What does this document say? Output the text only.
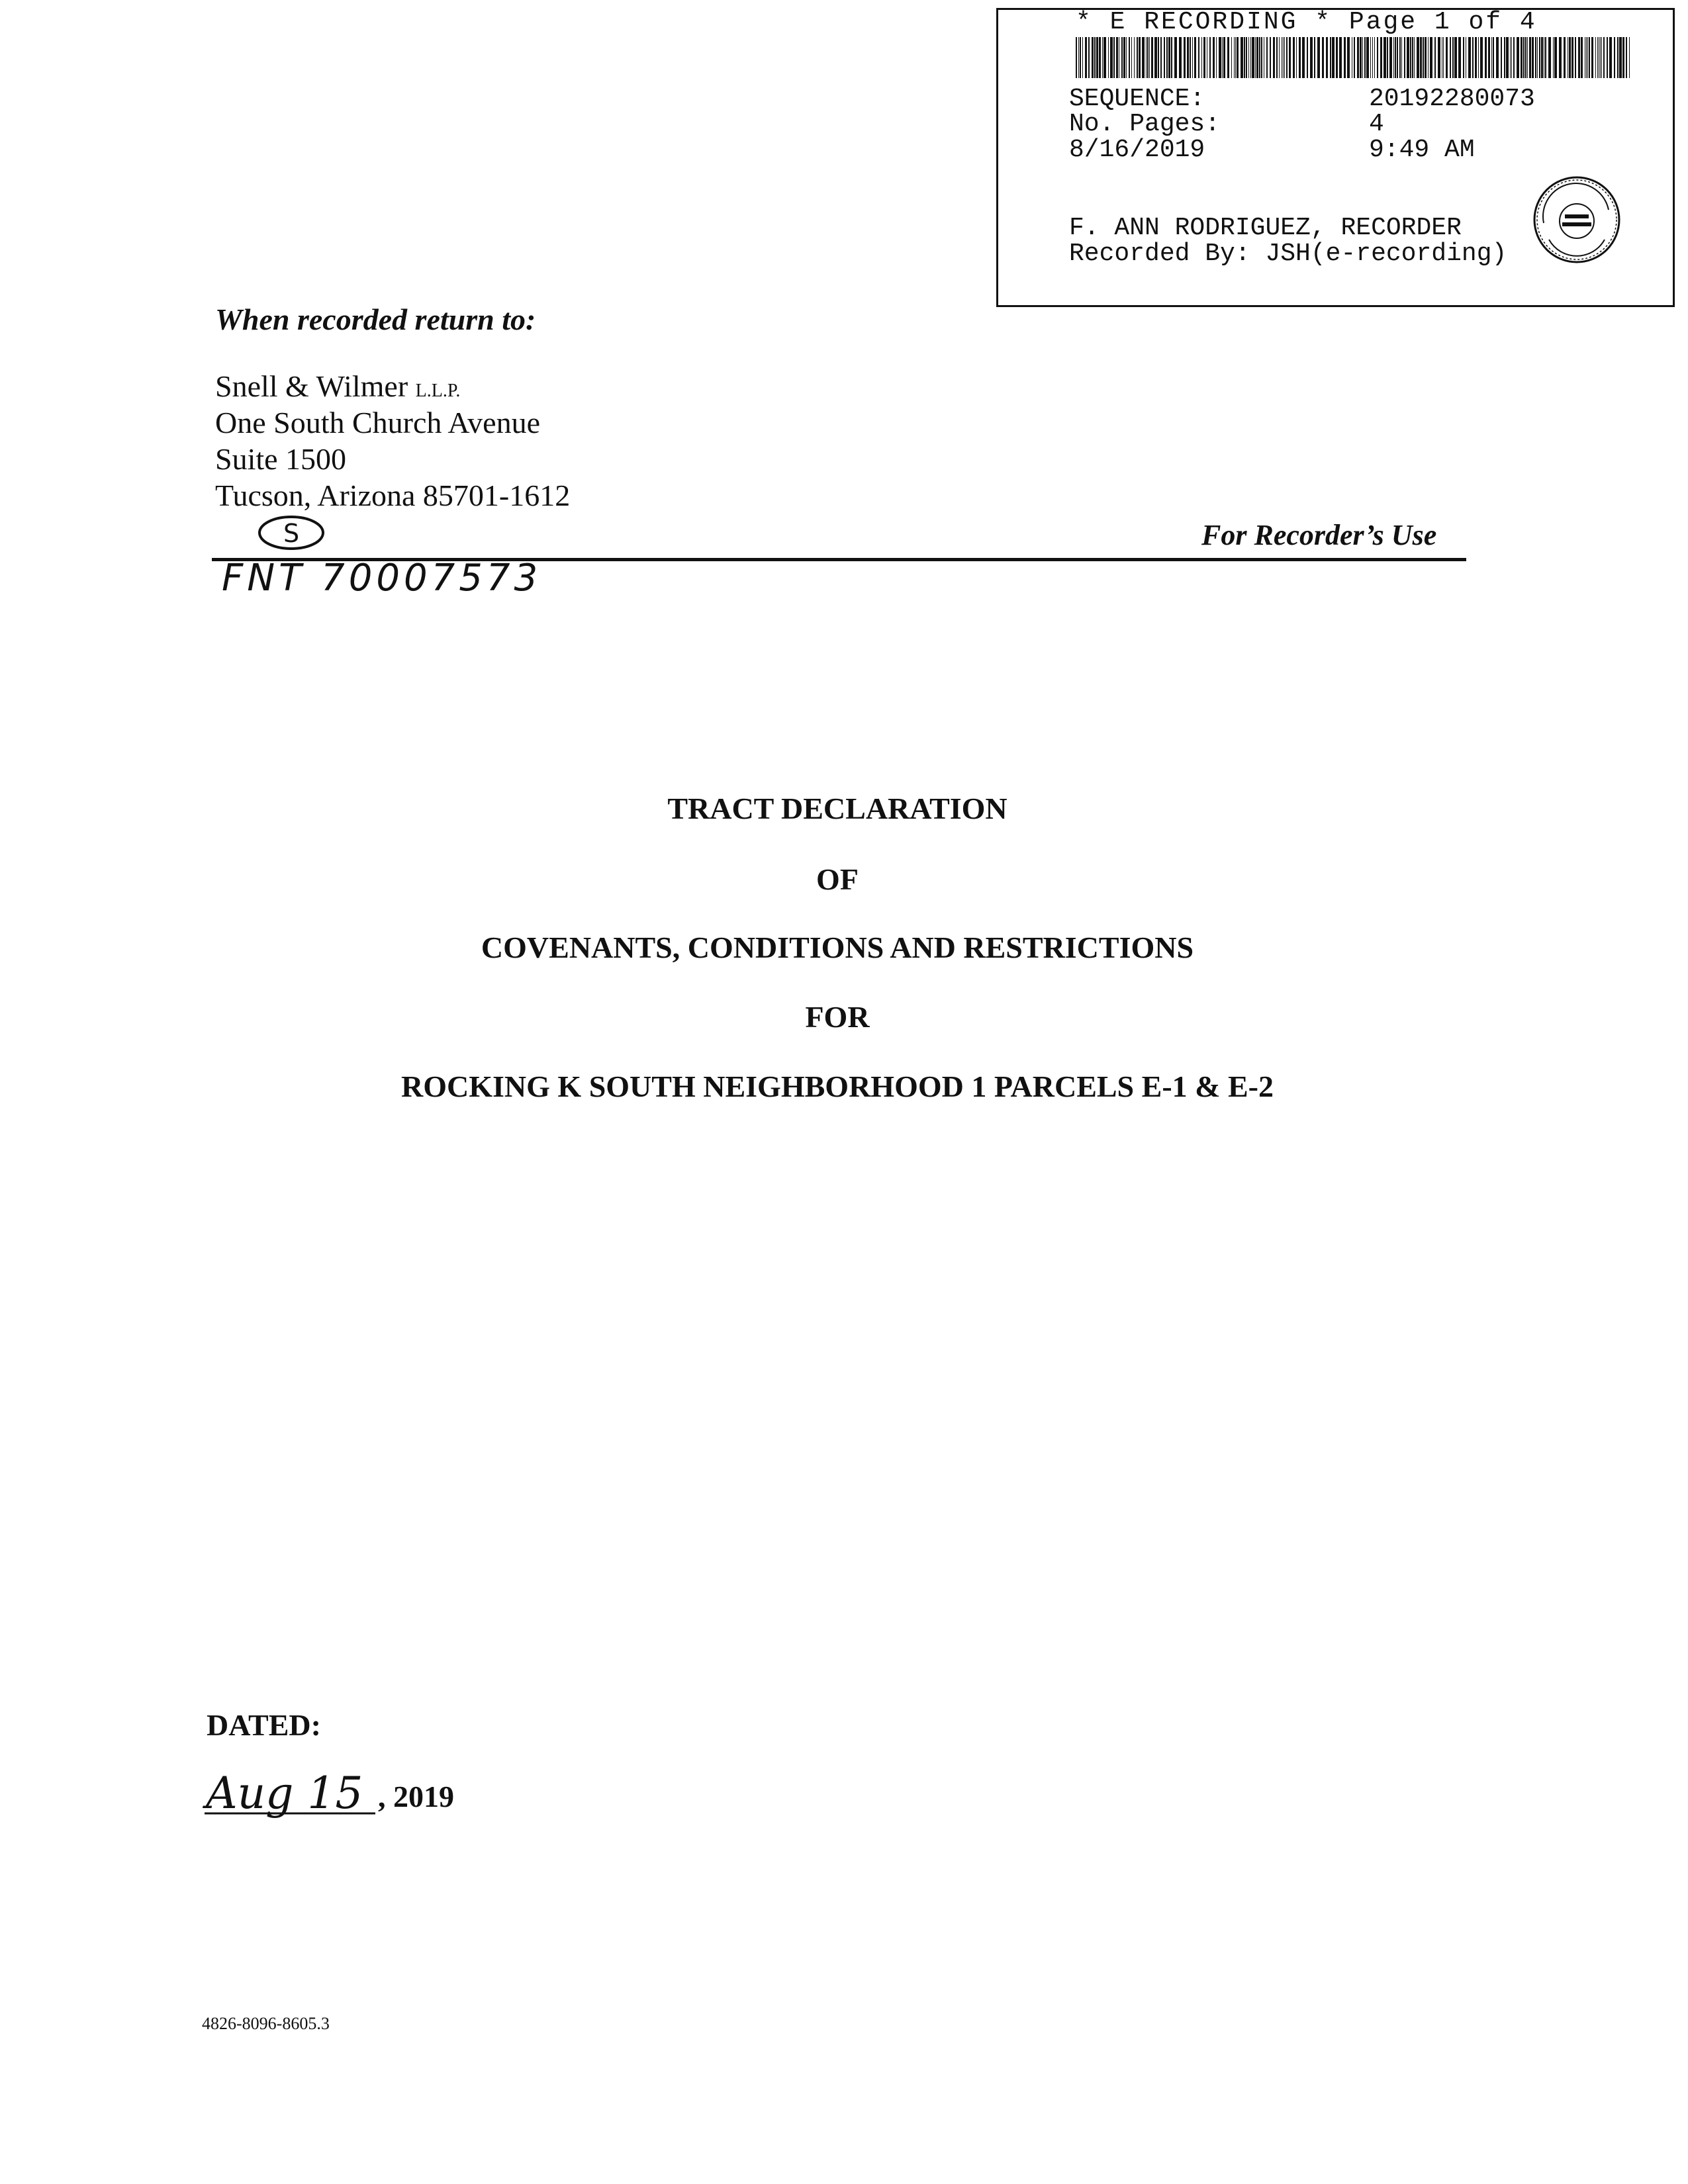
* E RECORDING * Page 1 of 4
SEQUENCE:	20192280073
No. Pages:	4
8/16/2019	9:49 AM
F. ANN RODRIGUEZ, RECORDER
Recorded By: JSH(e-recording)
When recorded return to:
Snell & Wilmer L.L.P.
One South Church Avenue
Suite 1500
Tucson, Arizona 85701-1612
S	For Recorder’s Use
FNT 70007573
TRACT DECLARATION
OF
COVENANTS, CONDITIONS AND RESTRICTIONS
FOR
ROCKING K SOUTH NEIGHBORHOOD 1 PARCELS E-1 & E-2
DATED:
Aug 15 , 2019
4826-8096-8605.3
